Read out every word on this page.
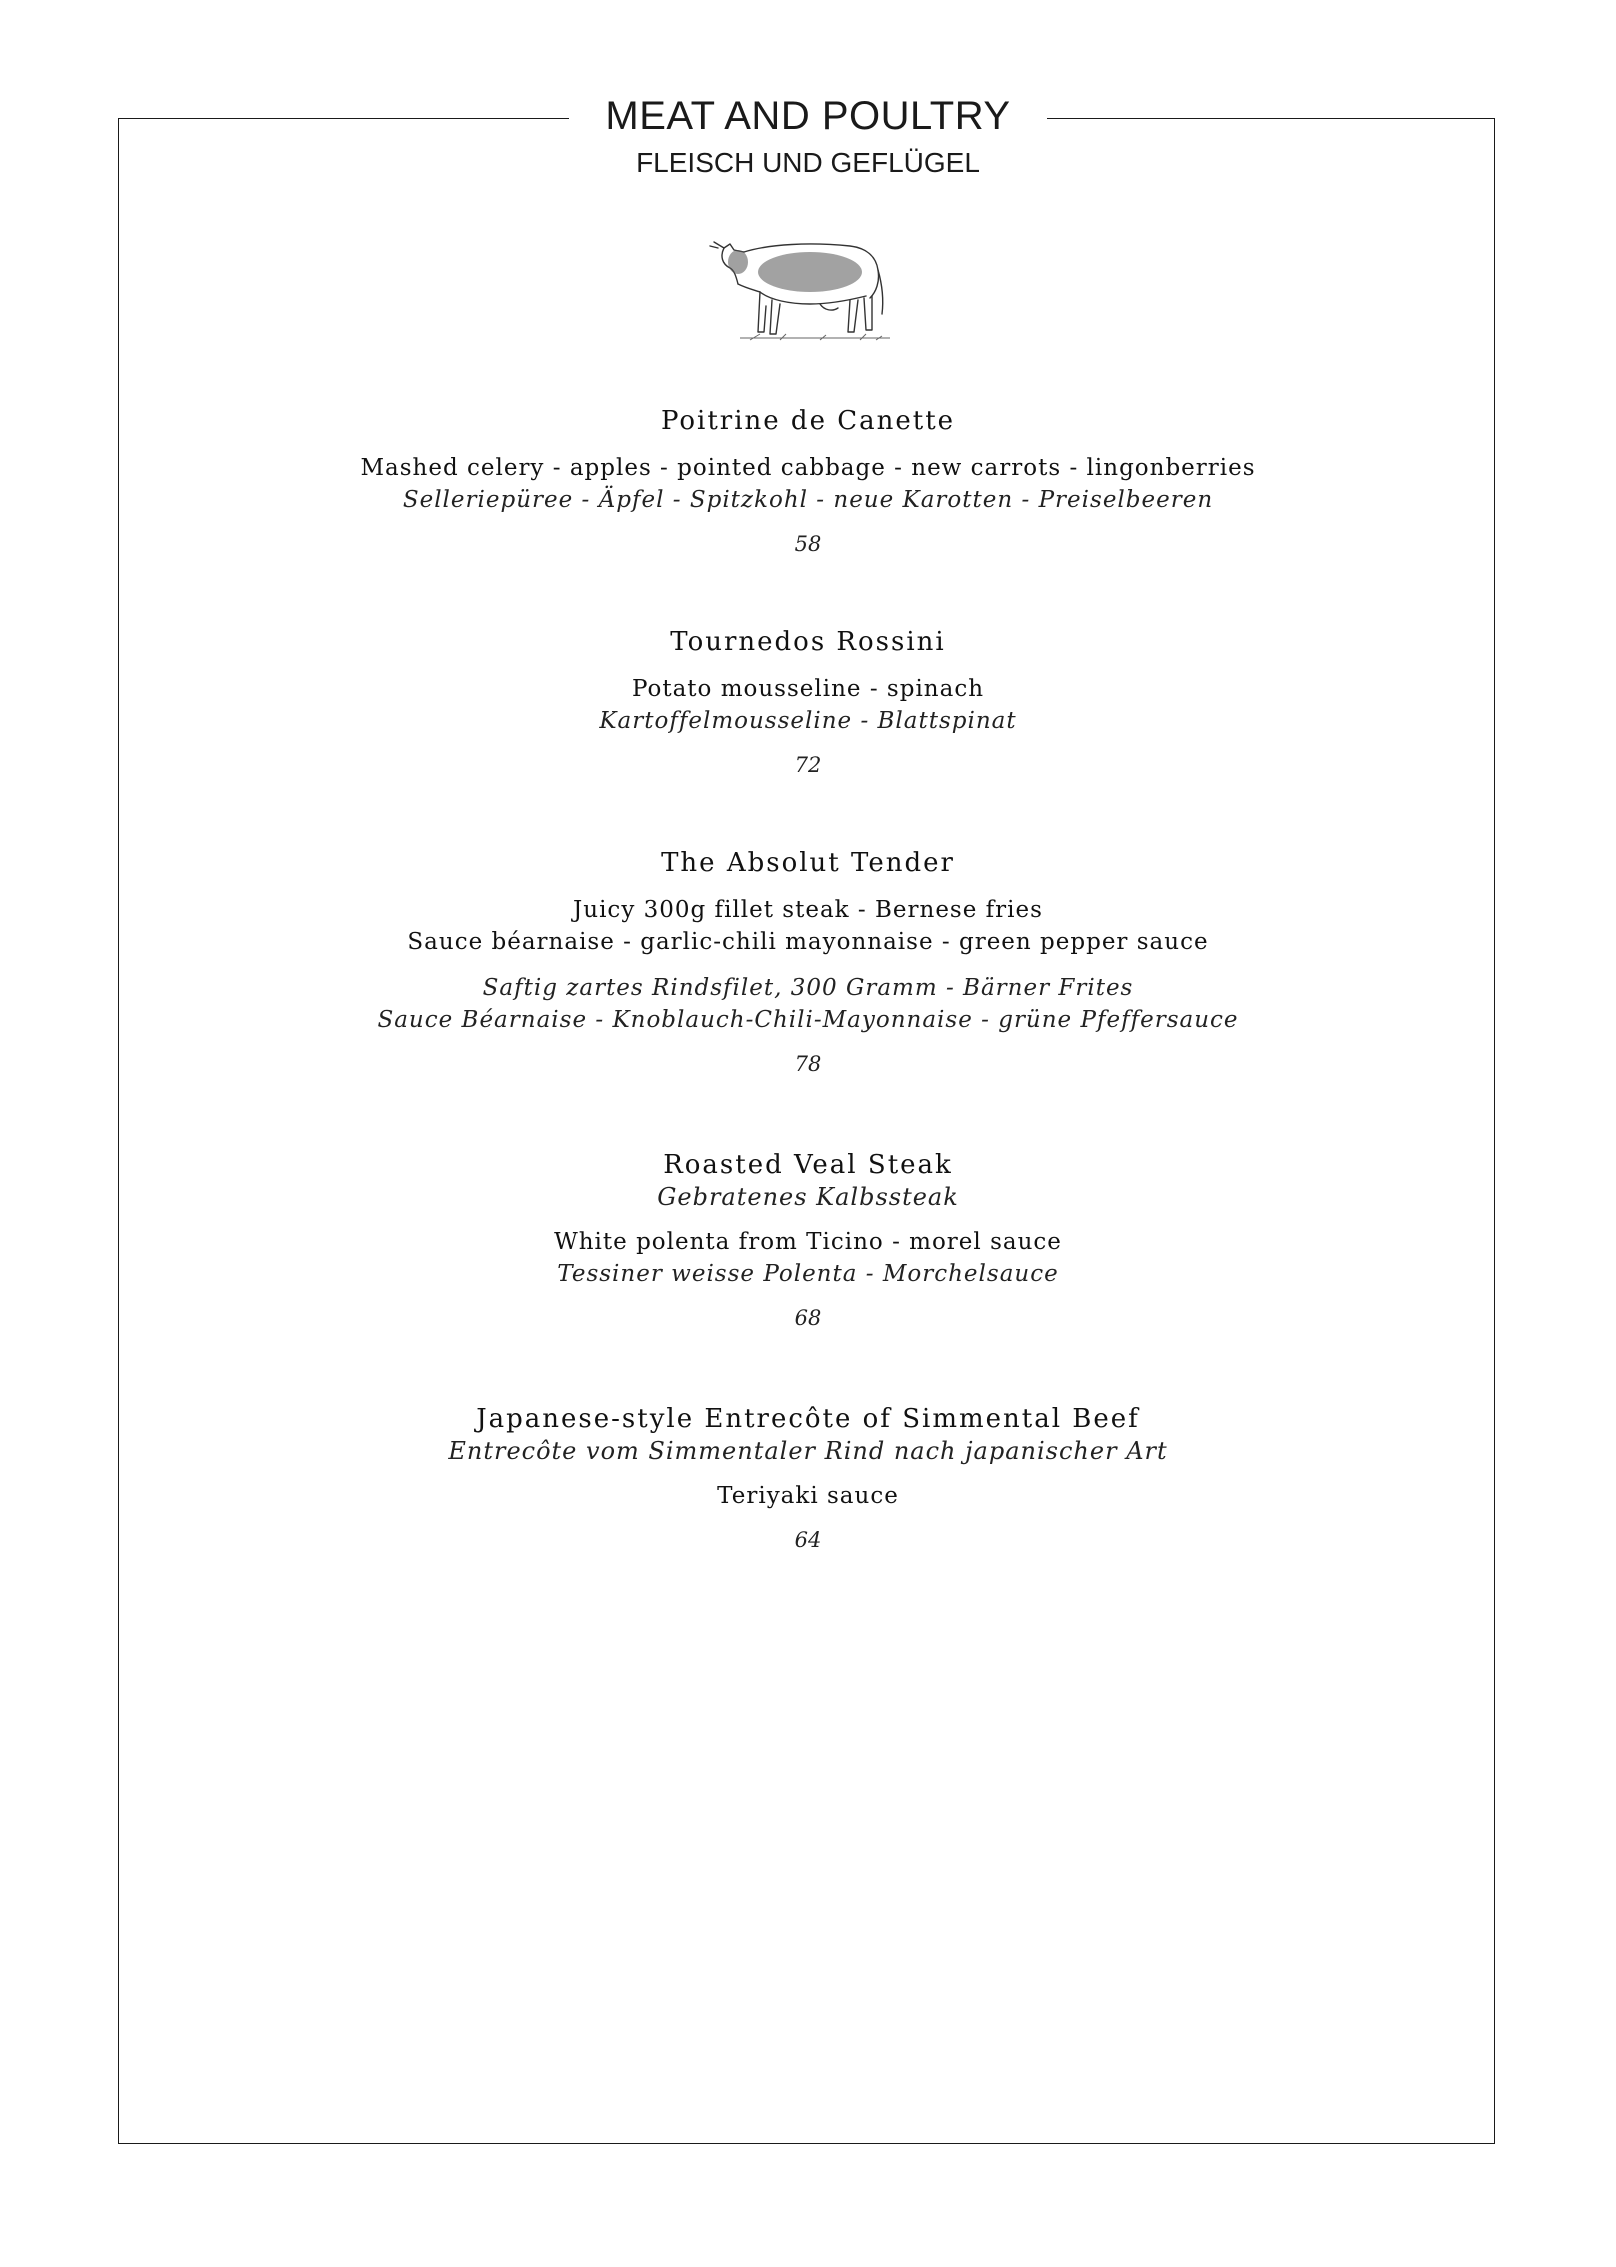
MEAT AND POULTRY
FLEISCH UND GEFLÜGEL
Poitrine de Canette
Mashed celery - apples - pointed cabbage - new carrots - lingonberries
Selleriepüree - Äpfel - Spitzkohl - neue Karotten - Preiselbeeren
58
Tournedos Rossini
Potato mousseline - spinach
Kartoffelmousseline - Blattspinat
72
The Absolut Tender
Juicy 300g fillet steak - Bernese fries
Sauce béarnaise - garlic-chili mayonnaise - green pepper sauce
Saftig zartes Rindsfilet, 300 Gramm - Bärner Frites
Sauce Béarnaise - Knoblauch-Chili-Mayonnaise - grüne Pfeffersauce
78
Roasted Veal Steak
Gebratenes Kalbssteak
White polenta from Ticino - morel sauce
Tessiner weisse Polenta - Morchelsauce
68
Japanese-style Entrecôte of Simmental Beef
Entrecôte vom Simmentaler Rind nach japanischer Art
Teriyaki sauce
64
